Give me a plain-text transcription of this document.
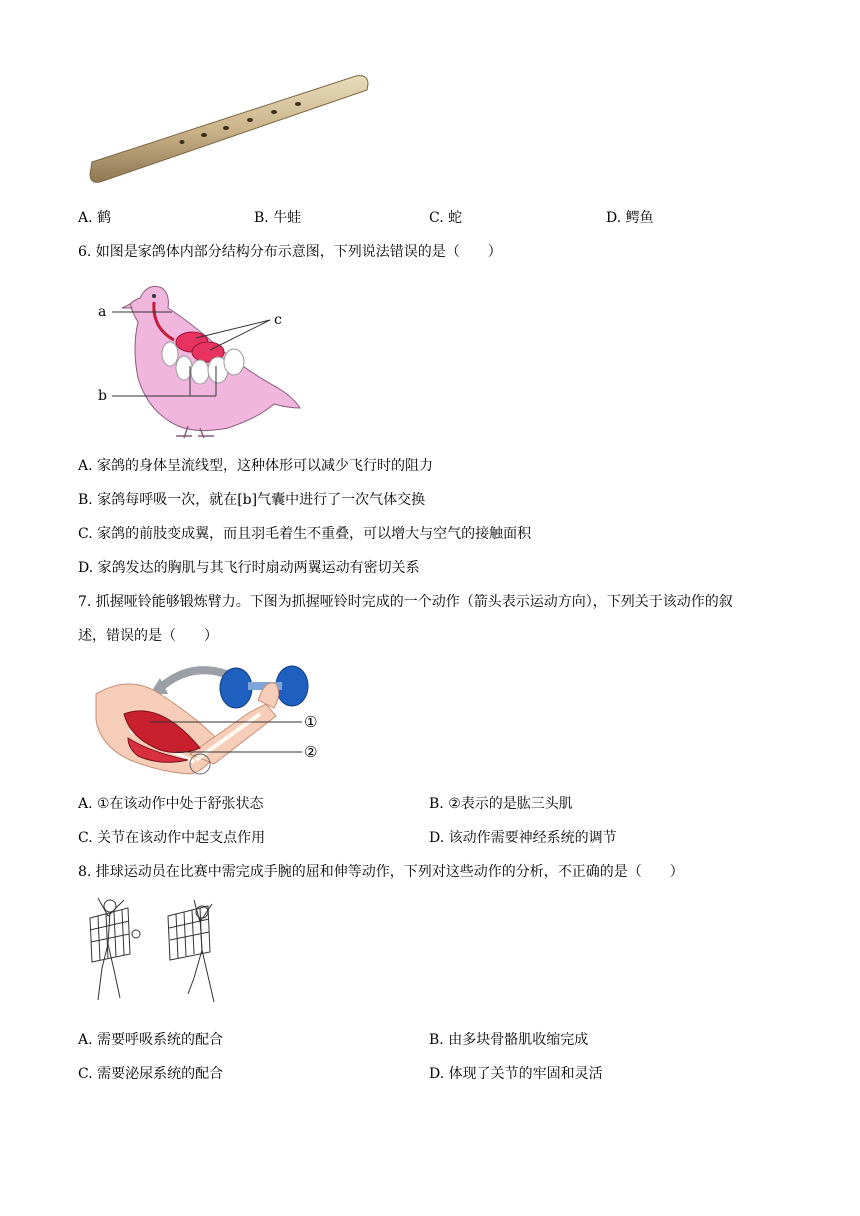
A. 鹤	B. 牛蛙	C. 蛇	D. 鳄鱼
6. 如图是家鸽体内部分结构分布示意图，下列说法错误的是（　　）
a
b
c
A. 家鸽的身体呈流线型，这种体形可以减少飞行时的阻力
B. 家鸽每呼吸一次，就在[b]气囊中进行了一次气体交换
C. 家鸽的前肢变成翼，而且羽毛着生不重叠，可以增大与空气的接触面积
D. 家鸽发达的胸肌与其飞行时扇动两翼运动有密切关系
7. 抓握哑铃能够锻炼臂力。下图为抓握哑铃时完成的一个动作（箭头表示运动方向），下列关于该动作的叙
述，错误的是（　　）
①
②
A. ①在该动作中处于舒张状态	B. ②表示的是肱三头肌
C. 关节在该动作中起支点作用	D. 该动作需要神经系统的调节
8. 排球运动员在比赛中需完成手腕的屈和伸等动作，下列对这些动作的分析，不正确的是（　　）
A. 需要呼吸系统的配合	B. 由多块骨骼肌收缩完成
C. 需要泌尿系统的配合	D. 体现了关节的牢固和灵活
